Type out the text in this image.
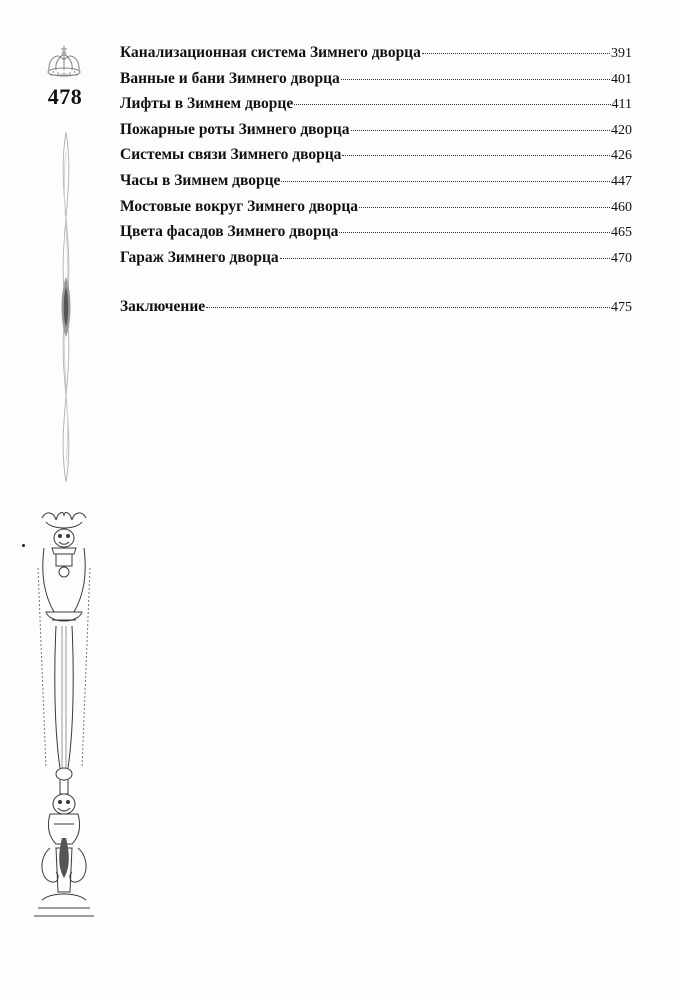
478
Канализационная система Зимнего дворца	391
Ванные и бани Зимнего дворца	401
Лифты в Зимнем дворце	411
Пожарные роты Зимнего дворца	420
Системы связи Зимнего дворца	426
Часы в Зимнем дворце	447
Мостовые вокруг Зимнего дворца	460
Цвета фасадов Зимнего дворца	465
Гараж Зимнего дворца	470
Заключение	475
